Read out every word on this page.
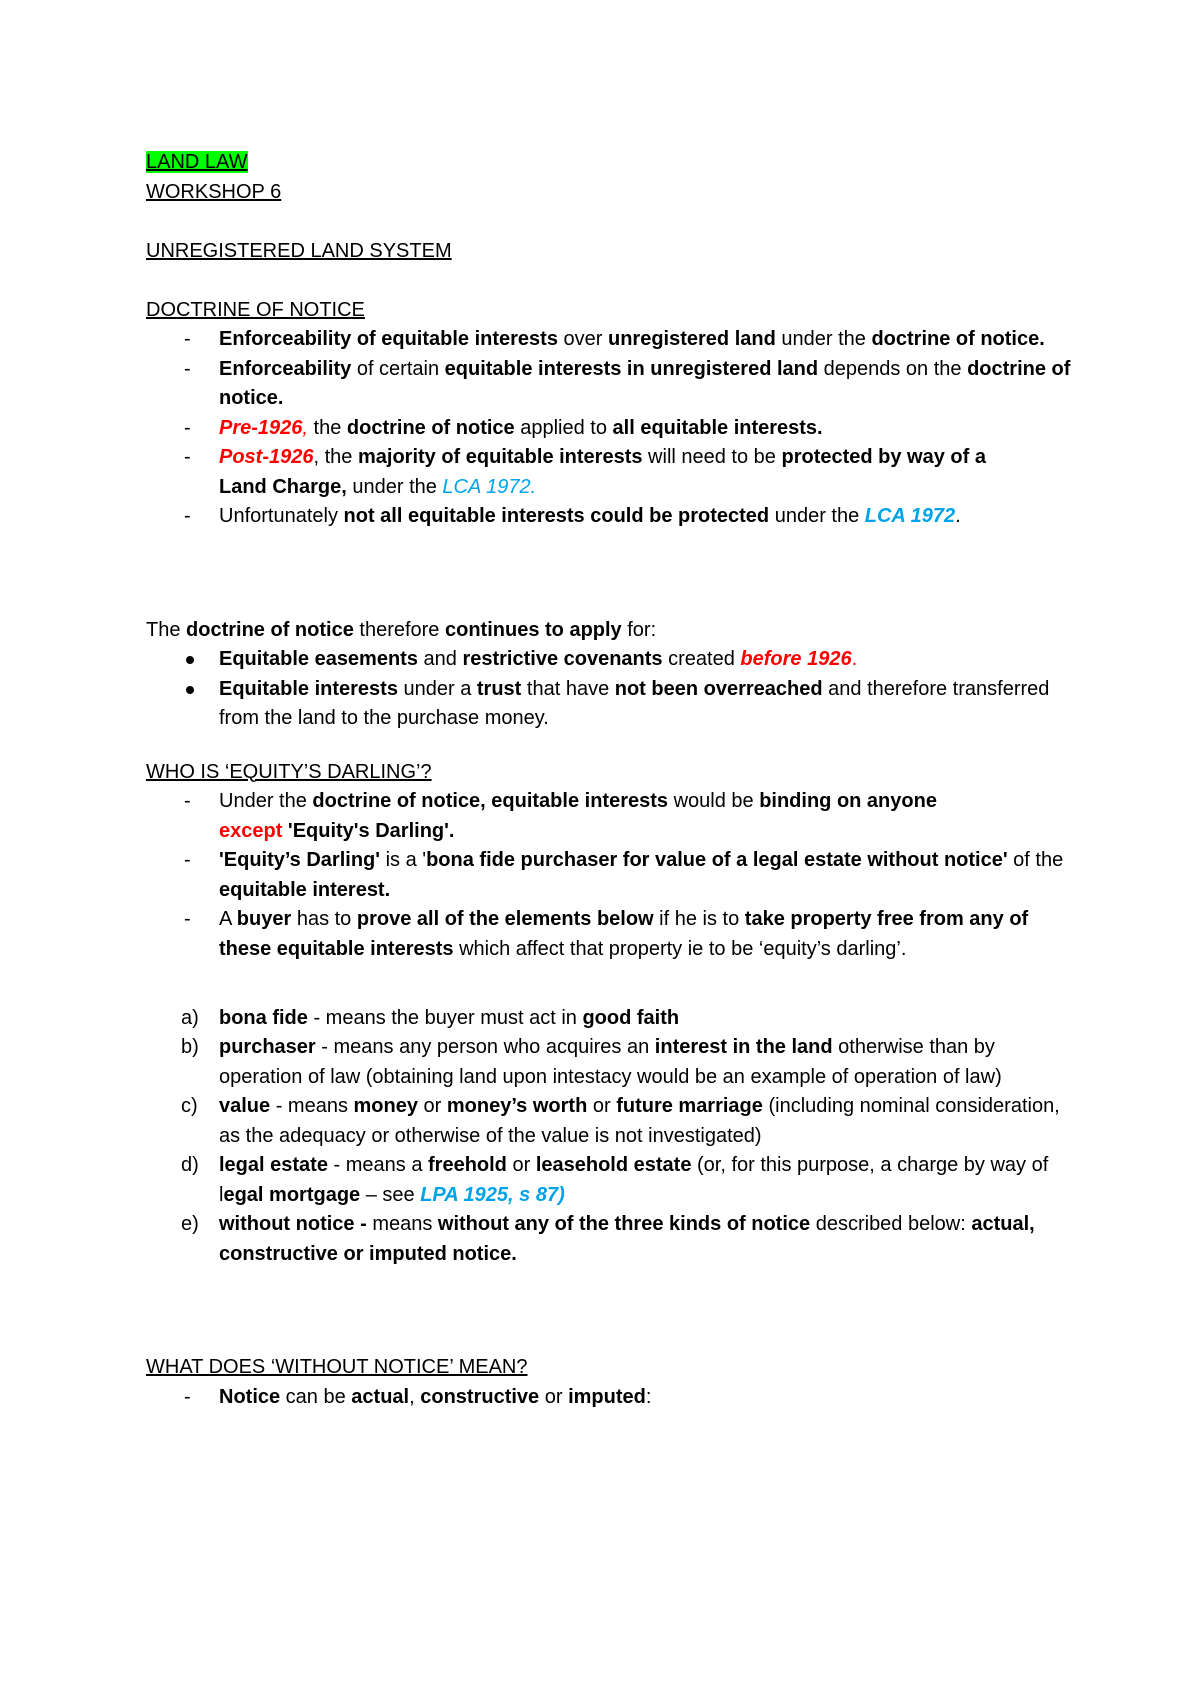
LAND LAW

WORKSHOP 6

UNREGISTERED LAND SYSTEM

DOCTRINE OF NOTICE

-	Enforceability of equitable interests over unregistered land under the doctrine of notice.
-	Enforceability of certain equitable interests in unregistered land depends on the doctrine of notice.
-	Pre-1926, the doctrine of notice applied to all equitable interests.
-	Post-1926, the majority of equitable interests will need to be protected by way of a
Land Charge, under the LCA 1972.
-	Unfortunately not all equitable interests could be protected under the LCA 1972.

The doctrine of notice therefore continues to apply for:

Equitable easements and restrictive covenants created before 1926.
Equitable interests under a trust that have not been overreached and therefore transferred from the land to the purchase money.

WHO IS ‘EQUITY’S DARLING’?

-	Under the doctrine of notice, equitable interests would be binding on anyone
except 'Equity's Darling'.
-	'Equity’s Darling' is a 'bona fide purchaser for value of a legal estate without notice' of the equitable interest.
-	A buyer has to prove all of the elements below if he is to take property free from any of these equitable interests which affect that property ie to be ‘equity’s darling’.
a)	bona fide - means the buyer must act in good faith
b)	purchaser - means any person who acquires an interest in the land otherwise than by operation of law (obtaining land upon intestacy would be an example of operation of law)
c)	value - means money or money’s worth or future marriage (including nominal consideration, as the adequacy or otherwise of the value is not investigated)
d)	legal estate - means a freehold or leasehold estate (or, for this purpose, a charge by way of legal mortgage – see LPA 1925, s 87)
e)	without notice - means without any of the three kinds of notice described below: actual, constructive or imputed notice.

WHAT DOES ‘WITHOUT NOTICE’ MEAN?

-	Notice can be actual, constructive or imputed:
